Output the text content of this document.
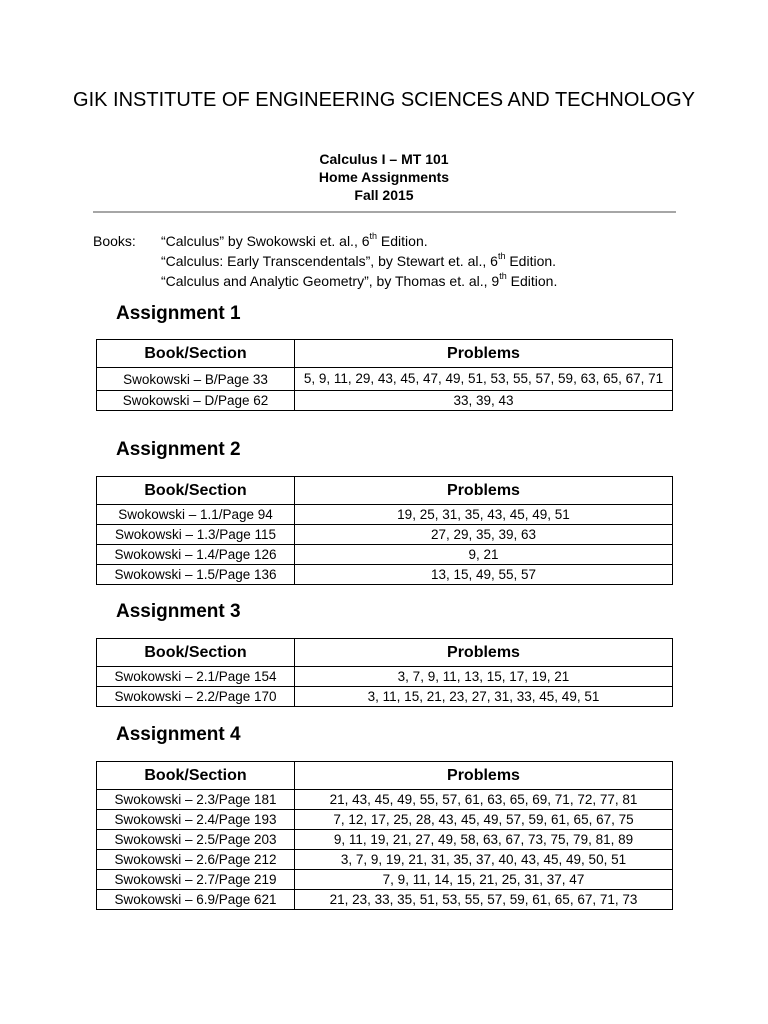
GIK INSTITUTE OF ENGINEERING SCIENCES AND TECHNOLOGY
Calculus I – MT 101
Home Assignments
Fall 2015
Books:	“Calculus” by Swokowski et. al., 6th Edition.
“Calculus: Early Transcendentals”, by Stewart et. al., 6th Edition.
“Calculus and Analytic Geometry”, by Thomas et. al., 9th Edition.
Assignment 1
Book/Section	Problems
Swokowski – B/Page 33	5, 9, 11, 29, 43, 45, 47, 49, 51, 53, 55, 57, 59, 63, 65, 67, 71
Swokowski – D/Page 62	33, 39, 43
Assignment 2
Book/Section	Problems
Swokowski – 1.1/Page 94	19, 25, 31, 35, 43, 45, 49, 51
Swokowski – 1.3/Page 115	27, 29, 35, 39, 63
Swokowski – 1.4/Page 126	9, 21
Swokowski – 1.5/Page 136	13, 15, 49, 55, 57
Assignment 3
Book/Section	Problems
Swokowski – 2.1/Page 154	3, 7, 9, 11, 13, 15, 17, 19, 21
Swokowski – 2.2/Page 170	3, 11, 15, 21, 23, 27, 31, 33, 45, 49, 51
Assignment 4
Book/Section	Problems
Swokowski – 2.3/Page 181	21, 43, 45, 49, 55, 57, 61, 63, 65, 69, 71, 72, 77, 81
Swokowski – 2.4/Page 193	7, 12, 17, 25, 28, 43, 45, 49, 57, 59, 61, 65, 67, 75
Swokowski – 2.5/Page 203	9, 11, 19, 21, 27, 49, 58, 63, 67, 73, 75, 79, 81, 89
Swokowski – 2.6/Page 212	3, 7, 9, 19, 21, 31, 35, 37, 40, 43, 45, 49, 50, 51
Swokowski – 2.7/Page 219	7, 9, 11, 14, 15, 21, 25, 31, 37, 47
Swokowski – 6.9/Page 621	21, 23, 33, 35, 51, 53, 55, 57, 59, 61, 65, 67, 71, 73
